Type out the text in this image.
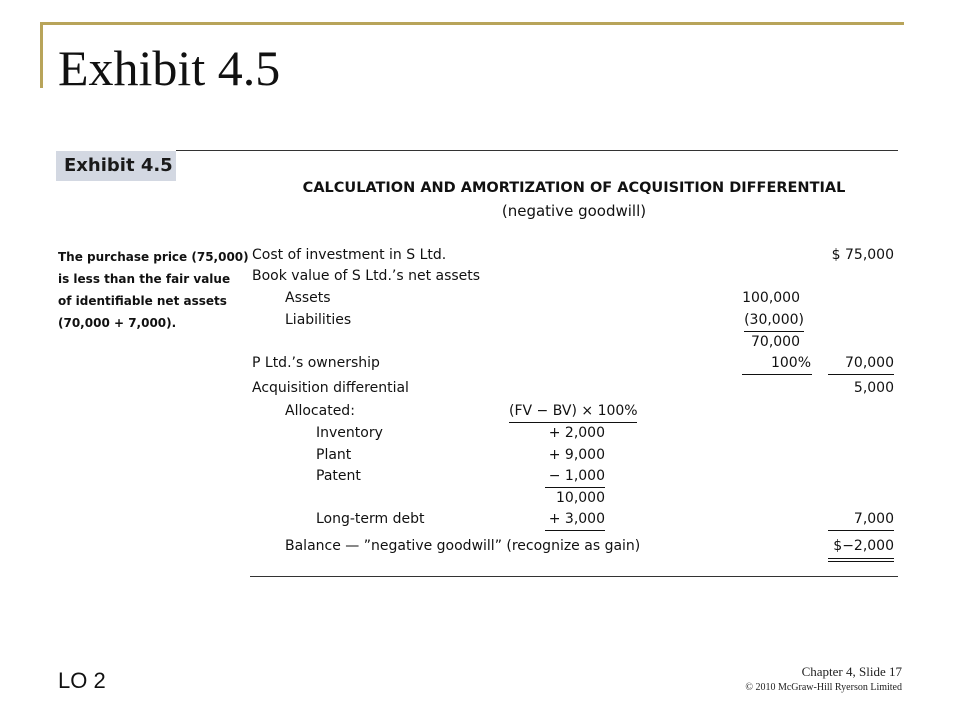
Exhibit 4.5
Exhibit 4.5
CALCULATION AND AMORTIZATION OF ACQUISITION DIFFERENTIAL
(negative goodwill)
The purchase price (75,000)
is less than the fair value
of identifiable net assets
(70,000 + 7,000).
Cost of investment in S Ltd.	$ 75,000
Book value of S Ltd.’s net assets
Assets	100,000
Liabilities	(30,000)
70,000
P Ltd.’s ownership	100%	70,000
Acquisition differential	5,000
Allocated:	(FV − BV) × 100%
Inventory	+ 2,000
Plant	+ 9,000
Patent	− 1,000
10,000
Long-term debt	+ 3,000	7,000
Balance — ”negative goodwill” (recognize as gain)	$−2,000
LO 2	Chapter 4, Slide 17
© 2010 McGraw-Hill Ryerson Limited
